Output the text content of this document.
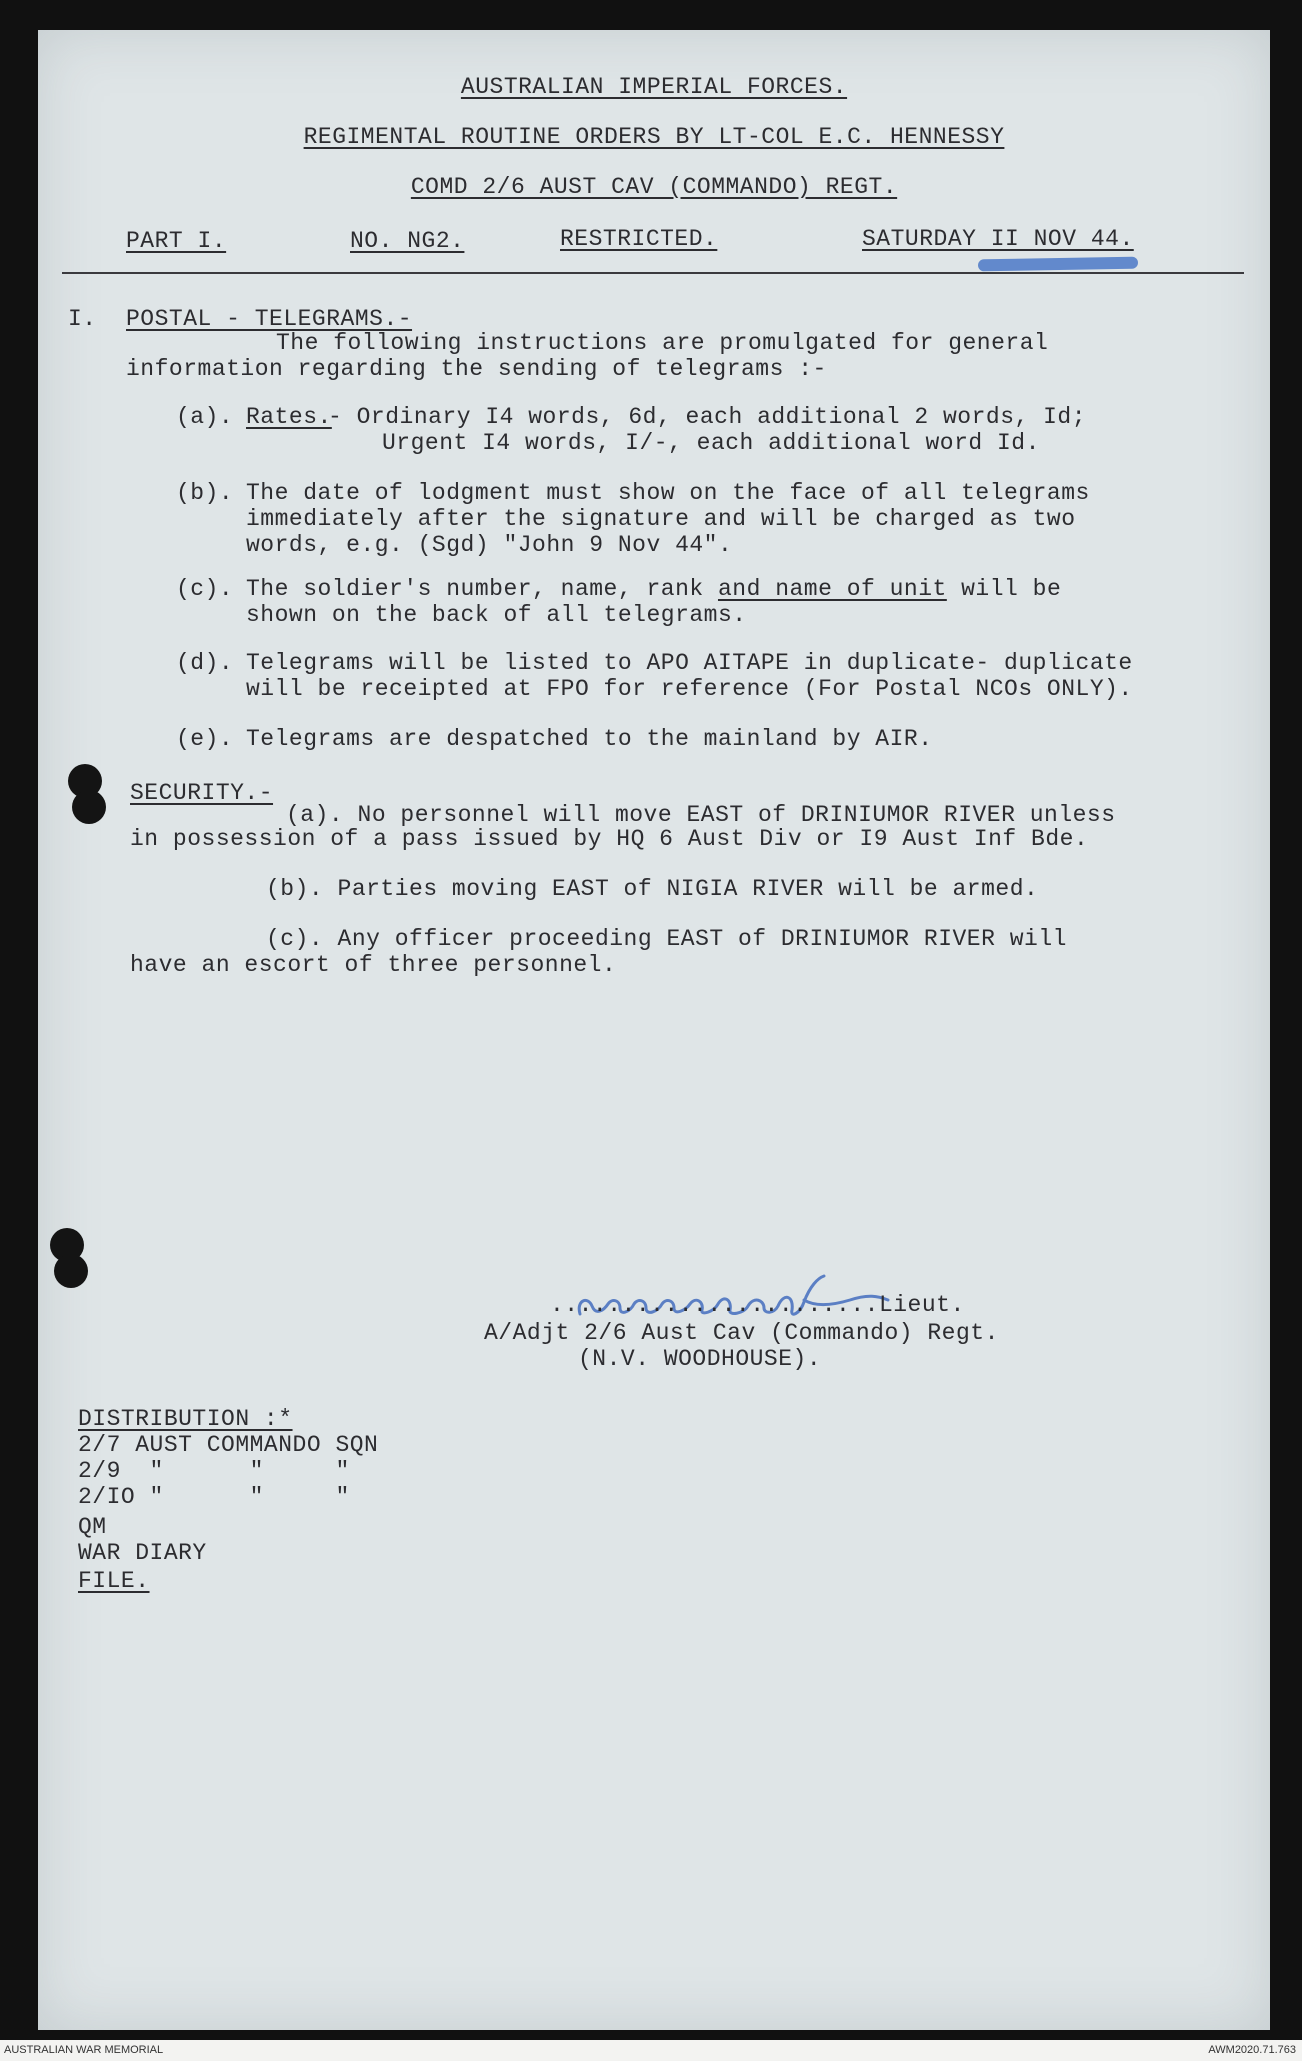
AUSTRALIAN IMPERIAL FORCES.
REGIMENTAL ROUTINE ORDERS BY LT-COL E.C. HENNESSY
COMD 2/6 AUST CAV (COMMANDO) REGT.
PART I.	NO. NG2.	RESTRICTED.	SATURDAY II NOV 44.
I. POSTAL - TELEGRAMS.-
The following instructions are promulgated for general
information regarding the sending of telegrams :-
(a). Rates.
- Ordinary I4 words, 6d, each additional 2 words, Id;
Urgent I4 words, I/-, each additional word Id.
(b). The date of lodgment must show on the face of all telegrams
immediately after the signature and will be charged as two
words, e.g. (Sgd) "John 9 Nov 44".
(c). The soldier's number, name, rank and name of unit will be
shown on the back of all telegrams.
(d). Telegrams will be listed to APO AITAPE in duplicate- duplicate
will be receipted at FPO for reference (For Postal NCOs ONLY).
(e). Telegrams are despatched to the mainland by AIR.
SECURITY.-
(a). No personnel will move EAST of DRINIUMOR RIVER unless
in possession of a pass issued by HQ 6 Aust Div or I9 Aust Inf Bde.
(b). Parties moving EAST of NIGIA RIVER will be armed.
(c). Any officer proceeding EAST of DRINIUMOR RIVER will
have an escort of three personnel.
.......................Lieut.
A/Adjt 2/6 Aust Cav (Commando) Regt.
(N.V. WOODHOUSE).
DISTRIBUTION :*
2/7 AUST COMMANDO SQN
2/9  "      "     "
2/IO "      "     "
QM
WAR DIARY
FILE.
AUSTRALIAN WAR MEMORIAL	AWM2020.71.763
